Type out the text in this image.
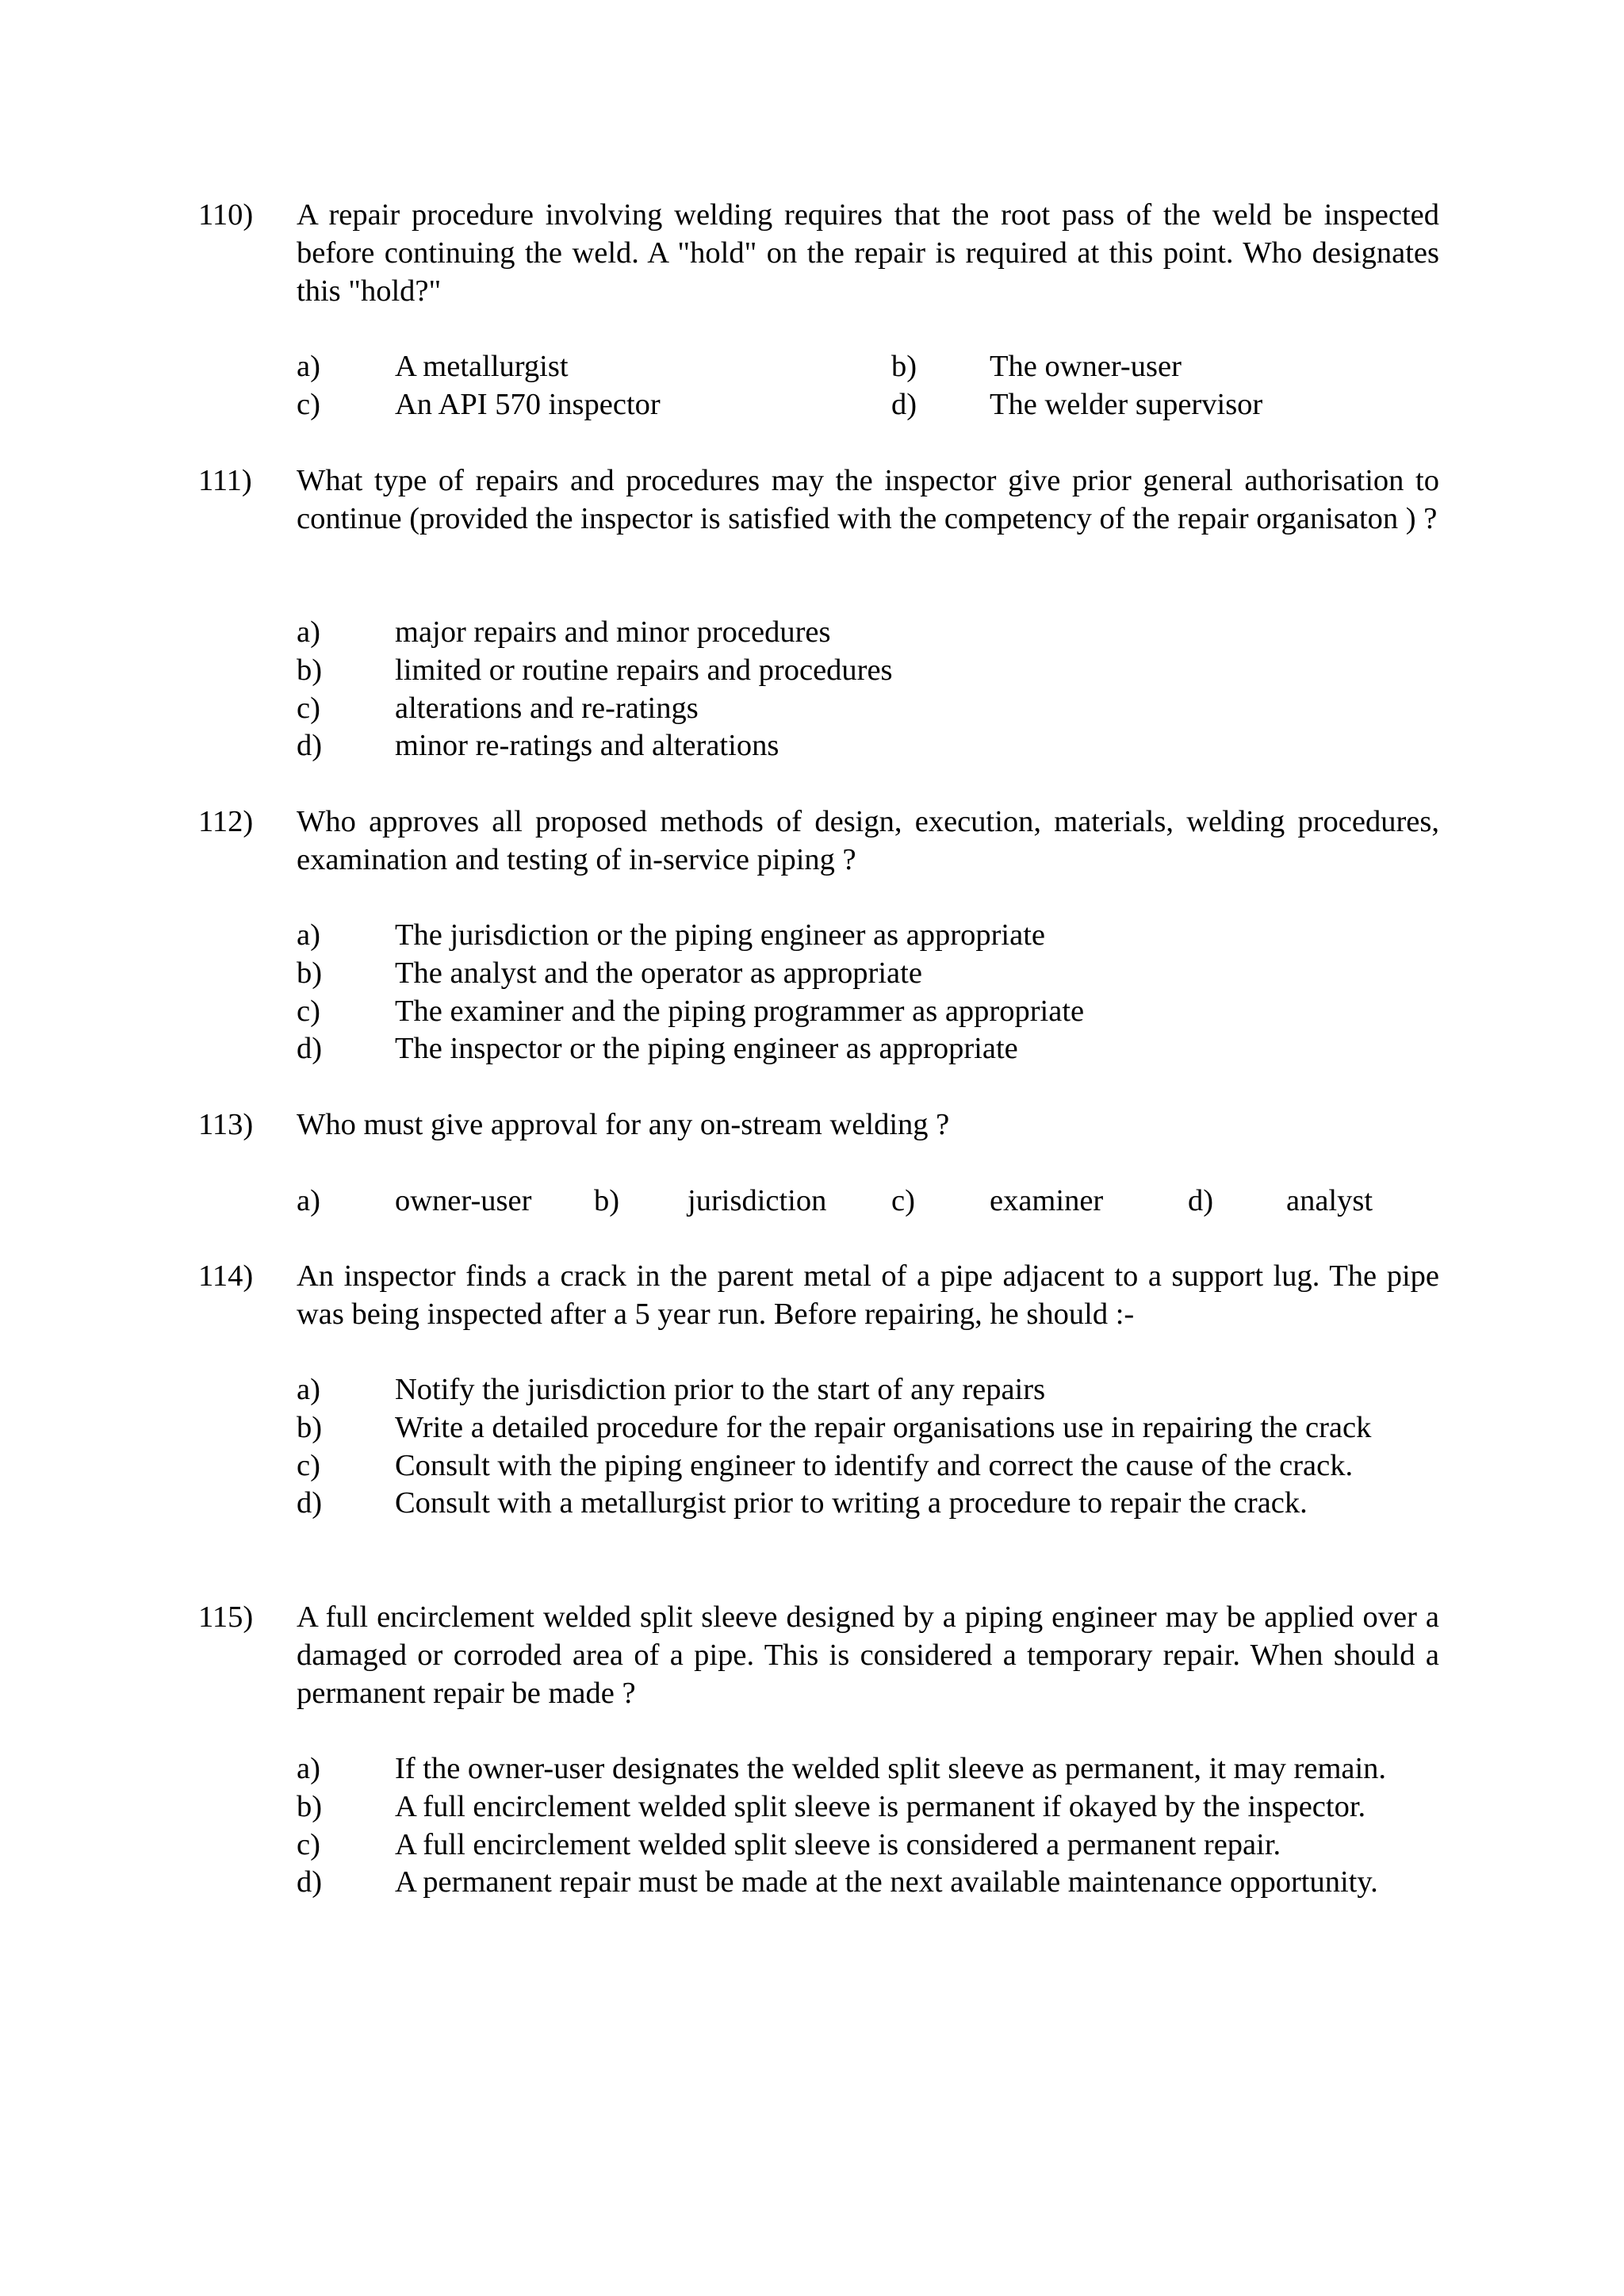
110) A repair procedure involving welding requires that the root pass of the weld be inspected before continuing the weld. A "hold" on the repair is required at this point. Who designates this "hold?"
a) A metallurgist	b) The owner-user
c) An API 570 inspector	d) The welder supervisor
111) What type of repairs and procedures may the inspector give prior general authorisation to continue (provided the inspector is satisfied with the competency of the repair organisaton ) ?
a) major repairs and minor procedures
b) limited or routine repairs and procedures
c) alterations and re-ratings
d) minor re-ratings and alterations
112) Who approves all proposed methods of design, execution, materials, welding procedures, examination and testing of in-service piping ?
a) The jurisdiction or the piping engineer as appropriate
b) The analyst and the operator as appropriate
c) The examiner and the piping programmer as appropriate
d) The inspector or the piping engineer as appropriate
113) Who must give approval for any on-stream welding ?
a) owner-user b) jurisdiction c) examiner	d) analyst
114) An inspector finds a crack in the parent metal of a pipe adjacent to a support lug. The pipe was being inspected after a 5 year run. Before repairing, he should :-
a) Notify the jurisdiction prior to the start of any repairs
b) Write a detailed procedure for the repair organisations use in repairing the crack
c) Consult with the piping engineer to identify and correct the cause of the crack.
d) Consult with a metallurgist prior to writing a procedure to repair the crack.
115) A full encirclement welded split sleeve designed by a piping engineer may be applied over a damaged or corroded area of a pipe. This is considered a temporary repair. When should a permanent repair be made ?
a) If the owner-user designates the welded split sleeve as permanent, it may remain.
b) A full encirclement welded split sleeve is permanent if okayed by the inspector.
c) A full encirclement welded split sleeve is considered a permanent repair.
d) A permanent repair must be made at the next available maintenance opportunity.
